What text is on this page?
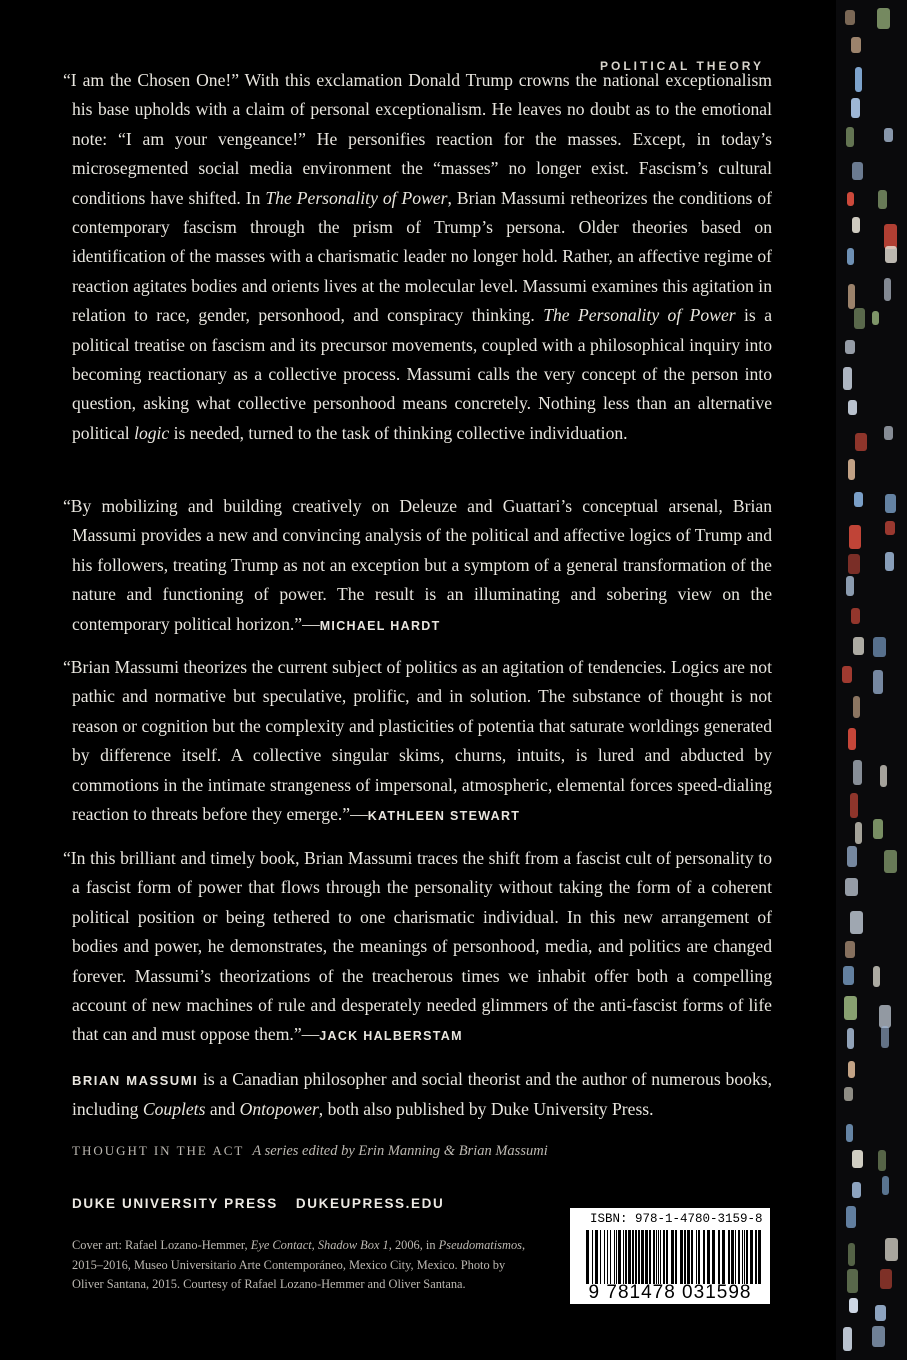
POLITICAL THEORY

“I am the Chosen One!” With this exclamation Donald Trump crowns the national exceptionalism his base upholds with a claim of personal exceptionalism. He leaves no doubt as to the emotional note: “I am your vengeance!” He personifies reaction for the masses. Except, in today’s microsegmented social media environment the “masses” no longer exist. Fascism’s cultural conditions have shifted. In The Personality of Power, Brian Massumi retheorizes the conditions of contemporary fascism through the prism of Trump’s persona. Older theories based on identification of the masses with a charismatic leader no longer hold. Rather, an affective regime of reaction agitates bodies and orients lives at the molecular level. Massumi examines this agitation in relation to race, gender, personhood, and conspiracy thinking. The Personality of Power is a political treatise on fascism and its precursor movements, coupled with a philosophical inquiry into becoming reactionary as a collective process. Massumi calls the very concept of the person into question, asking what collective personhood means concretely. Nothing less than an alternative political logic is needed, turned to the task of thinking collective individuation.

“By mobilizing and building creatively on Deleuze and Guattari’s conceptual arsenal, Brian Massumi provides a new and convincing analysis of the political and affective logics of Trump and his followers, treating Trump as not an exception but a symptom of a general transformation of the nature and functioning of power. The result is an illuminating and sobering view on the contemporary political horizon.”—MICHAEL HARDT

“Brian Massumi theorizes the current subject of politics as an agitation of tendencies. Logics are not pathic and normative but speculative, prolific, and in solution. The substance of thought is not reason or cognition but the complexity and plasticities of potentia that saturate worldings generated by difference itself. A collective singular skims, churns, intuits, is lured and abducted by commotions in the intimate strangeness of impersonal, atmospheric, elemental forces speed-dialing reaction to threats before they emerge.”—KATHLEEN STEWART

“In this brilliant and timely book, Brian Massumi traces the shift from a fascist cult of personality to a fascist form of power that flows through the personality without taking the form of a coherent political position or being tethered to one charismatic individual. In this new arrangement of bodies and power, he demonstrates, the meanings of personhood, media, and politics are changed forever. Massumi’s theorizations of the treacherous times we inhabit offer both a compelling account of new machines of rule and desperately needed glimmers of the anti-fascist forms of life that can and must oppose them.”—JACK HALBERSTAM

BRIAN MASSUMI is a Canadian philosopher and social theorist and the author of numerous books, including Couplets and Ontopower, both also published by Duke University Press.

THOUGHT IN THE ACT A series edited by Erin Manning & Brian Massumi
DUKE UNIVERSITY PRESS DUKEUPRESS.EDU
Cover art: Rafael Lozano-Hemmer, Eye Contact, Shadow Box 1, 2006, in Pseudomatismos, 2015–2016, Museo Universitario Arte Contemporáneo, Mexico City, Mexico. Photo by Oliver Santana, 2015. Courtesy of Rafael Lozano-Hemmer and Oliver Santana.
ISBN: 978-1-4780-3159-8
9 781478 031598
